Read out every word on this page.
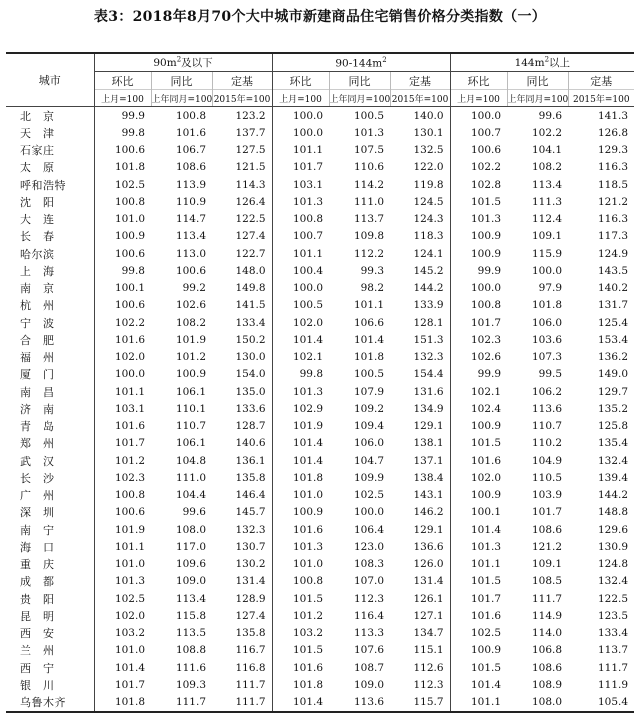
表3：2018年8月70个大中城市新建商品住宅销售价格分类指数（一）
城市	$90m^2$及以下			$90-144m^2$			$144m^2$以上		
	环比	同比	定基	环比	同比	定基	环比	同比	定基
	上月=100	上年同月=100	2015年=100	上月=100	上年同月=100	2015年=100	上月=100	上年同月=100	2015年=100
北　京	99.9	100.8	123.2	100.0	100.5	140.0	100.0	99.6	141.3
天　津	99.8	101.6	137.7	100.0	101.3	130.1	100.7	102.2	126.8
石家庄	100.6	106.7	127.5	101.1	107.5	132.5	100.6	104.1	129.3
太　原	101.8	108.6	121.5	101.7	110.6	122.0	102.2	108.2	116.3
呼和浩特	102.5	113.9	114.3	103.1	114.2	119.8	102.8	113.4	118.5
沈　阳	100.8	110.9	126.4	101.3	111.0	124.5	101.5	111.3	121.2
大　连	101.0	114.7	122.5	100.8	113.7	124.3	101.3	112.4	116.3
长　春	100.9	113.4	127.4	100.7	109.8	118.3	100.9	109.1	117.3
哈尔滨	100.6	113.0	122.7	101.1	112.2	124.1	100.9	115.9	124.9
上　海	99.8	100.6	148.0	100.4	99.3	145.2	99.9	100.0	143.5
南　京	100.1	99.2	149.8	100.0	98.2	144.2	100.0	97.9	140.2
杭　州	100.6	102.6	141.5	100.5	101.1	133.9	100.8	101.8	131.7
宁　波	102.2	108.2	133.4	102.0	106.6	128.1	101.7	106.0	125.4
合　肥	101.6	101.9	150.2	101.4	101.4	151.3	102.3	103.6	153.4
福　州	102.0	101.2	130.0	102.1	101.8	132.3	102.6	107.3	136.2
厦　门	100.0	100.9	154.0	99.8	100.5	154.4	99.9	99.5	149.0
南　昌	101.1	106.1	135.0	101.3	107.9	131.6	102.1	106.2	129.7
济　南	103.1	110.1	133.6	102.9	109.2	134.9	102.4	113.6	135.2
青　岛	101.6	110.7	128.7	101.9	109.4	129.1	100.9	110.7	125.8
郑　州	101.7	106.1	140.6	101.4	106.0	138.1	101.5	110.2	135.4
武　汉	101.2	104.8	136.1	101.4	104.7	137.1	101.6	104.9	132.4
长　沙	102.3	111.0	135.8	101.8	109.9	138.4	102.0	110.5	139.4
广　州	100.8	104.4	146.4	101.0	102.5	143.1	100.9	103.9	144.2
深　圳	100.6	99.6	145.7	100.9	100.0	146.2	100.1	101.7	148.8
南　宁	101.9	108.0	132.3	101.6	106.4	129.1	101.4	108.6	129.6
海　口	101.1	117.0	130.7	101.3	123.0	136.6	101.3	121.2	130.9
重　庆	101.0	109.6	130.2	101.0	108.3	126.0	101.1	109.1	124.8
成　都	101.3	109.0	131.4	100.8	107.0	131.4	101.5	108.5	132.4
贵　阳	102.5	113.4	128.9	101.5	112.3	126.1	101.7	111.7	122.5
昆　明	102.0	115.8	127.4	101.2	116.4	127.1	101.6	114.9	123.5
西　安	103.2	113.5	135.8	103.2	113.3	134.7	102.5	114.0	133.4
兰　州	101.0	108.8	116.7	101.5	107.6	115.1	100.9	106.8	113.7
西　宁	101.4	111.6	116.8	101.6	108.7	112.6	101.5	108.6	111.7
银　川	101.7	109.3	111.7	101.8	109.0	112.3	101.4	108.9	111.9
乌鲁木齐	101.8	111.7	111.7	101.4	113.6	115.7	101.1	108.0	105.4
